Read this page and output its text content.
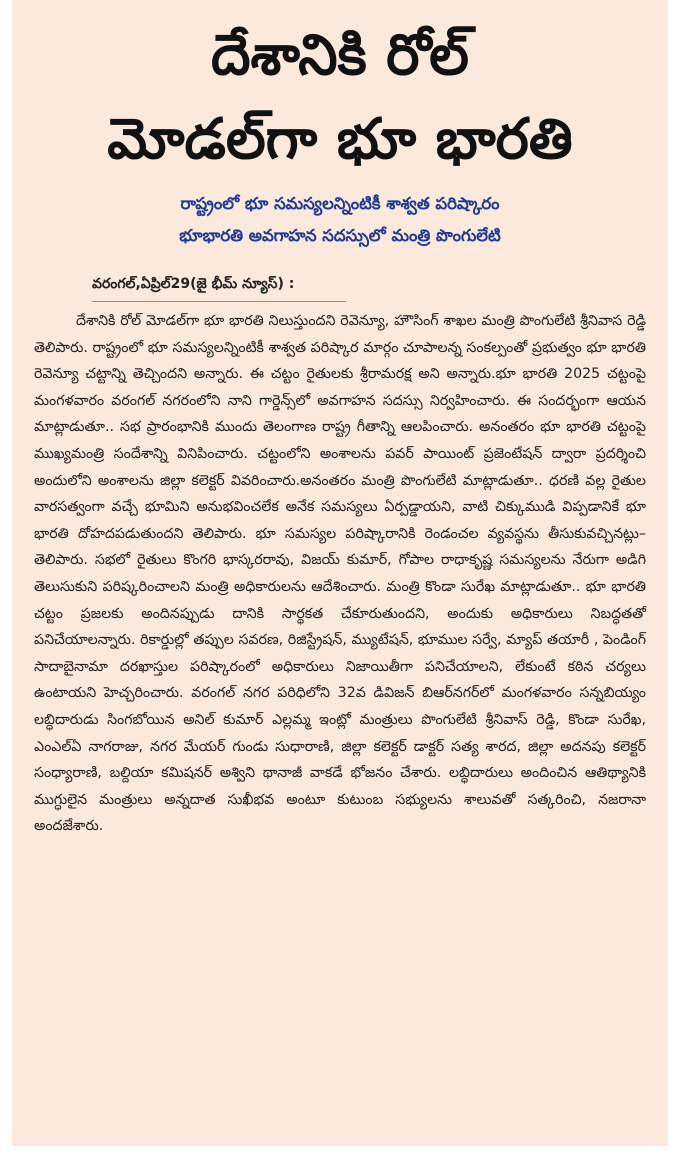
దేశానికి రోల్
మోడల్‌గా భూ భారతి
రాష్ట్రంలో భూ సమస్యలన్నింటికీ శాశ్వత పరిష్కారం
భూభారతి అవగాహన సదస్సులో మంత్రి పొంగులేటి
వరంగల్,ఏప్రిల్29(జై భీమ్ న్యూస్) :

దేశానికి రోల్ మోడల్‌గా భూ భారతి నిలుస్తుందని రెవెన్యూ, హౌసింగ్ శాఖల మంత్రి పొంగులేటి శ్రీనివాస రెడ్డి తెలిపారు. రాష్ట్రంలో భూ సమస్యలన్నింటికీ శాశ్వత పరిష్కార మార్గం చూపాలన్న సంకల్పంతో ప్రభుత్వం భూ భారతి రెవెన్యూ చట్టాన్ని తెచ్చిందని అన్నారు. ఈ చట్టం రైతులకు శ్రీరామరక్ష అని అన్నారు.భూ భారతి 2025 చట్టంపై మంగళవారం వరంగల్ నగరంలోని నాని గార్డెన్స్‌లో అవగాహన సదస్సు నిర్వహించారు. ఈ సందర్భంగా ఆయన మాట్లాడుతూ.. సభ ప్రారంభానికి ముందు తెలంగాణ రాష్ట్ర గీతాన్ని ఆలపించారు. అనంతరం భూ భారతి చట్టంపై ముఖ్యమంత్రి సందేశాన్ని వినిపించారు. చట్టంలోని అంశాలను పవర్ పాయింట్ ప్రజెంటేషన్ ద్వారా ప్రదర్శించి అందులోని అంశాలను జిల్లా కలెక్టర్ వివరించారు.అనంతరం మంత్రి పొంగులేటి మాట్లాడుతూ.. ధరణి వల్ల రైతుల వారసత్వంగా వచ్చే భూమిని అనుభవించలేక అనేక సమస్యలు ఏర్పడ్డాయని, వాటి చిక్కుముడి విప్పడానికే భూ భారతి దోహదపడుతుందని తెలిపారు. భూ సమస్యల పరిష్కారానికి రెండంచల వ్యవస్థను తీసుకువచ్చినట్లు– తెలిపారు. సభలో రైతులు కొంగరి భాస్కరరావు, విజయ్ కుమార్, గోపాల రాధాకృష్ణ సమస్యలను నేరుగా అడిగి తెలుసుకుని పరిష్కరించాలని మంత్రి అధికారులను ఆదేశించారు. మంత్రి కొండా సురేఖ మాట్లాడుతూ.. భూ భారతి చట్టం ప్రజలకు అందినప్పుడు దానికి సార్థకత చేకూరుతుందని, అందుకు అధికారులు నిబద్ధతతో పనిచేయాలన్నారు. రికార్డుల్లో తప్పుల సవరణ, రిజిస్ట్రేషన్, మ్యుటేషన్, భూముల సర్వే, మ్యాప్ తయారీ , పెండింగ్ సాదాబైనామా దరఖాస్తుల పరిష్కారంలో అధికారులు నిజాయితీగా పనిచేయాలని, లేకుంటే కఠిన చర్యలు ఉంటాయని హెచ్చరించారు. వరంగల్ నగర పరిధిలోని 32వ డివిజన్ బిఆర్‌నగర్‌లో మంగళవారం సన్నబియ్యం లబ్ధిదారుడు సింగబోయిన అనిల్ కుమార్ ఎల్లమ్మ ఇంట్లో మంత్రులు పొంగులేటి శ్రీనివాస్ రెడ్డి, కొండా సురేఖ, ఎంఎల్ఏ నాగరాజు, నగర మేయర్ గుండు సుధారాణి, జిల్లా కలెక్టర్ డాక్టర్ సత్య శారద, జిల్లా అదనపు కలెక్టర్ సంధ్యారాణి, బల్దియా కమిషనర్ అశ్విని థానాజీ వాకడే భోజనం చేశారు. లబ్ధిదారులు అందించిన ఆతిథ్యానికి ముగ్ధులైన మంత్రులు అన్నదాత సుఖీభవ అంటూ కుటుంబ సభ్యులను శాలువతో సత్కరించి, నజరానా అందజేశారు.
